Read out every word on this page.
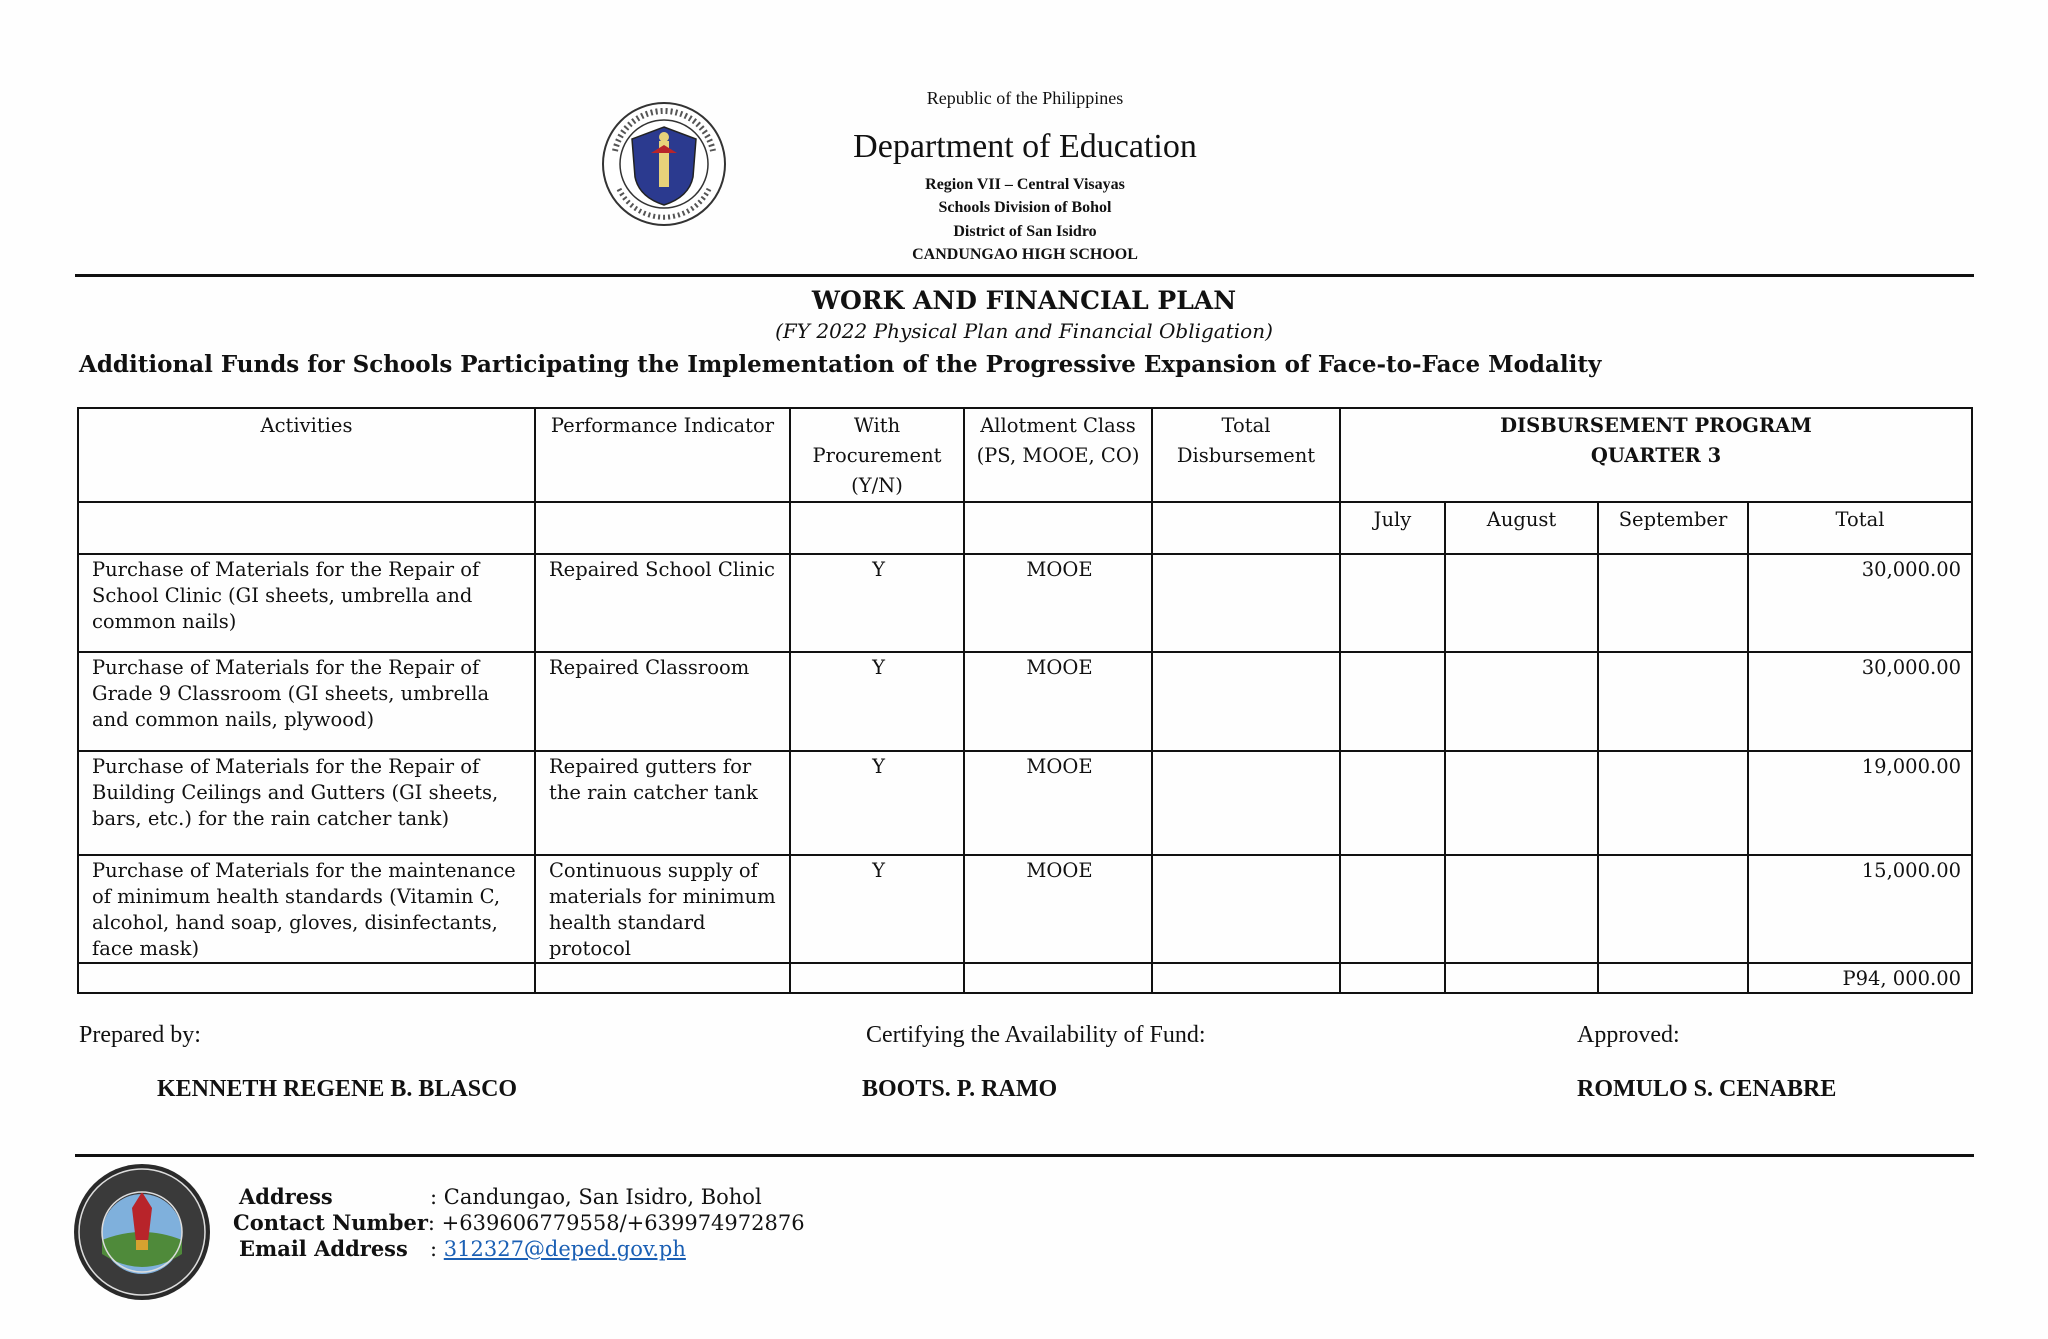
Republic of the Philippines
Department of Education
Region VII – Central Visayas
Schools Division of Bohol
District of San Isidro
CANDUNGAO HIGH SCHOOL
WORK AND FINANCIAL PLAN
(FY 2022 Physical Plan and Financial Obligation)
Additional Funds for Schools Participating the Implementation of the Progressive Expansion of Face-to-Face Modality
Activities	Performance Indicator	With Procurement (Y/N)	Allotment Class (PS, MOOE, CO)	Total Disbursement	DISBURSEMENT PROGRAM
QUARTER 3			

					July	August	September	Total
Purchase of Materials for the Repair of School Clinic (GI sheets, umbrella and common nails)	Repaired School Clinic	Y	MOOE					30,000.00
Purchase of Materials for the Repair of Grade 9 Classroom (GI sheets, umbrella and common nails, plywood)	Repaired Classroom	Y	MOOE					30,000.00
Purchase of Materials for the Repair of Building Ceilings and Gutters (GI sheets, bars, etc.) for the rain catcher tank)	Repaired gutters for the rain catcher tank	Y	MOOE					19,000.00
Purchase of Materials for the maintenance of minimum health standards (Vitamin C, alcohol, hand soap, gloves, disinfectants, face mask)	Continuous supply of materials for minimum health standard protocol	Y	MOOE					15,000.00
								P94, 000.00
Prepared by:
KENNETH REGENE B. BLASCO
Certifying the Availability of Fund:
BOOTS. P. RAMO
Approved:
ROMULO S. CENABRE
Address	: Candungao, San Isidro, Bohol
Contact Number: +639606779558/+639974972876
Email Address : 312327@deped.gov.ph
